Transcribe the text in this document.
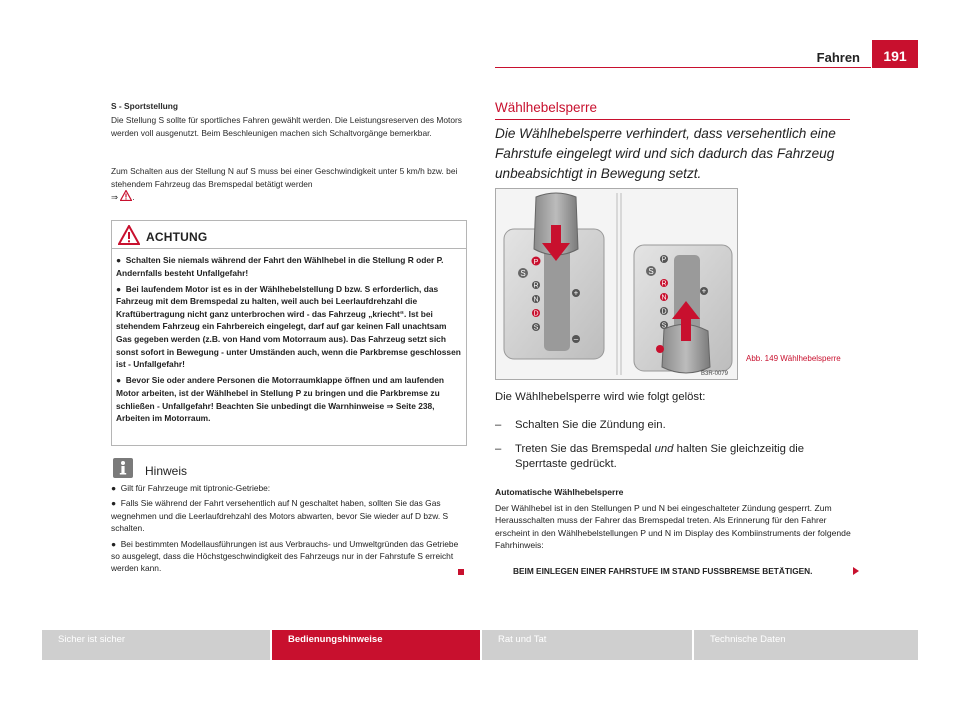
Fahren	191
S - Sportstellung
Die Stellung S sollte für sportliches Fahren gewählt werden. Die Leistungsreserven des Motors werden voll ausgenutzt. Beim Beschleunigen machen sich Schaltvorgänge bemerkbar.
Zum Schalten aus der Stellung N auf S muss bei einer Geschwindigkeit unter 5 km/h bzw. bei stehendem Fahrzeug das Bremspedal betätigt werden
⇒ .
ACHTUNG

●  Schalten Sie niemals während der Fahrt den Wählhebel in die Stellung R oder P. Andernfalls besteht Unfallgefahr!

●  Bei laufendem Motor ist es in der Wählhebelstellung D bzw. S erforderlich, das Fahrzeug mit dem Bremspedal zu halten, weil auch bei Leerlaufdrehzahl die Kraftübertragung nicht ganz unterbrochen wird - das Fahrzeug „kriecht“. Ist bei stehendem Fahrzeug ein Fahrbereich eingelegt, darf auf gar keinen Fall unachtsam Gas gegeben werden (z.B. von Hand vom Motorraum aus). Das Fahrzeug setzt sich sonst sofort in Bewegung - unter Umständen auch, wenn die Parkbremse geschlossen ist - Unfallgefahr!

●  Bevor Sie oder andere Personen die Motorraumklappe öffnen und am laufenden Motor arbeiten, ist der Wählhebel in Stellung P zu bringen und die Parkbremse zu schließen - Unfallgefahr! Beachten Sie unbedingt die Warnhinweise ⇒ Seite 238, Arbeiten im Motorraum.

Hinweis

●  Gilt für Fahrzeuge mit tiptronic-Getriebe:

●  Falls Sie während der Fahrt versehentlich auf N geschaltet haben, sollten Sie das Gas wegnehmen und die Leerlaufdrehzahl des Motors abwarten, bevor Sie wieder auf D bzw. S schalten.

●  Bei bestimmten Modellausführungen ist aus Verbrauchs- und Umweltgründen das Getriebe so ausgelegt, dass die Höchstgeschwindigkeit des Fahrzeugs nur in der Fahrstufe S erreicht werden kann.

Wählhebelsperre
Die Wählhebelsperre verhindert, dass versehentlich eine Fahrstufe eingelegt wird und sich dadurch das Fahrzeug unbeabsichtigt in Bewegung setzt.
P
S
R
N
D
S
+
–
P
S
R
N
D
S
+
B3R-0079
Abb. 149 Wählhebelsperre
Die Wählhebelsperre wird wie folgt gelöst:
– Schalten Sie die Zündung ein.
– Treten Sie das Bremspedal und halten Sie gleichzeitig die Sperrtaste gedrückt.
Automatische Wählhebelsperre
Der Wählhebel ist in den Stellungen P und N bei eingeschalteter Zündung gesperrt. Zum Herausschalten muss der Fahrer das Bremspedal treten. Als Erinnerung für den Fahrer erscheint in den Wählhebelstellungen P und N im Display des Kombiinstruments der folgende Fahrhinweis:
BEIM EINLEGEN EINER FAHRSTUFE IM STAND FUSSBREMSE BETÄTIGEN.
Sicher ist sicher	Bedienungshinweise	Rat und Tat	Technische Daten
